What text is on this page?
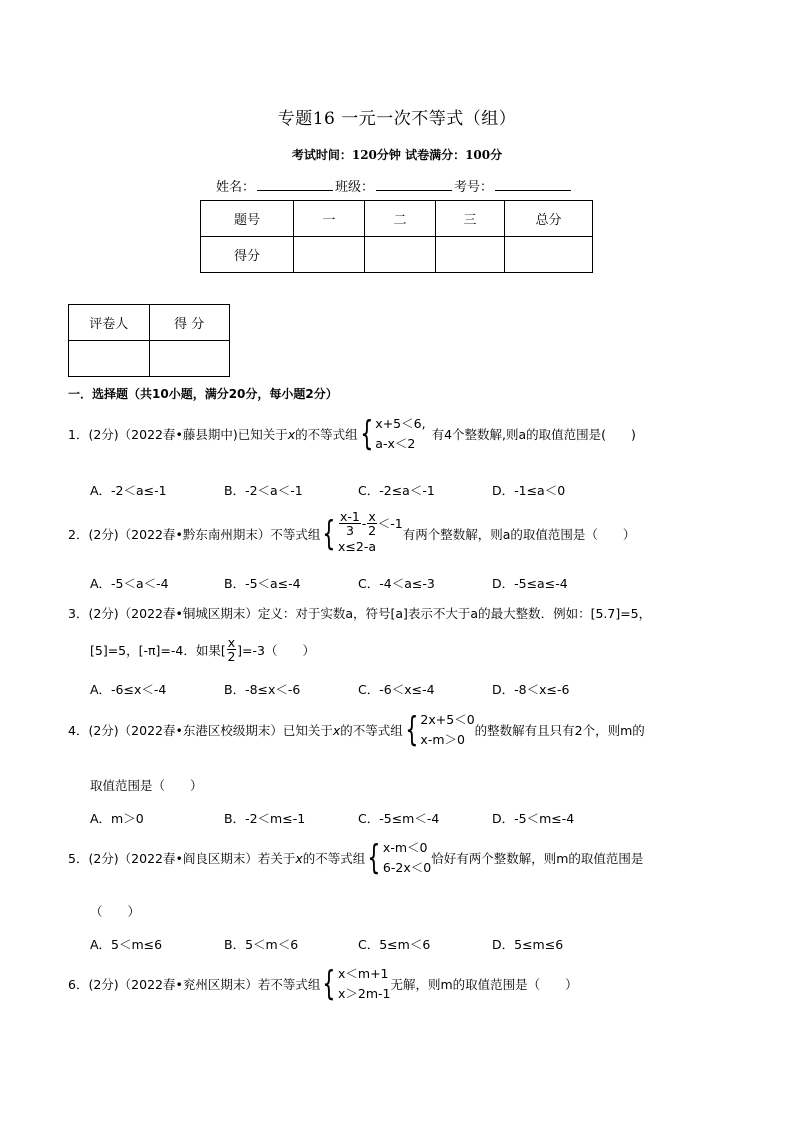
专题16 一元一次不等式（组）
考试时间：120分钟 试卷满分：100分
姓名：	班级：	考号：
题号	一	二	三	总分
得分				
评卷人	得 分

一．选择题（共10小题，满分20分，每小题2分）
1．(2分)（2022春•藤县期中)已知关于 x 的不等式组 { x+5＜6,
a-x＜2
有4个整数解,则a的取值范围是(　　)
A．-2＜a≤-1	B．-2＜a＜-1	C．-2≤a＜-1	D．-1≤a＜0
2．(2分)（2022春•黔东南州期末）不等式组 { $\frac{x-1}{3} - \frac{x}{2} <-1$
x≤2-a
有两个整数解，则a的取值范围是（　　）
A．-5＜a＜-4	B．-5＜a≤-4	C．-4＜a≤-3	D．-5≤a≤-4
3．(2分)（2022春•铜城区期末）定义：对于实数a，符号[a]表示不大于a的最大整数．例如：[5.7]=5，
[5]=5，[-π]=-4．如果[ $\frac{x}{2} ]=-3$（　　）
A．-6≤x＜-4	B．-8≤x＜-6	C．-6＜x≤-4	D．-8＜x≤-6
4．(2分)（2022春•东港区校级期末）已知关于 x 的不等式组 { 2x+5＜0
x-m＞0
的整数解有且只有2个，则m的
取值范围是（　　）
A．m＞0	B．-2＜m≤-1	C．-5≤m＜-4	D．-5＜m≤-4
5．(2分)（2022春•阎良区期末）若关于 x 的不等式组 { x-m＜0
6-2x＜0
恰好有两个整数解，则m的取值范围是
（　　）
A．5＜m≤6	B．5＜m＜6	C．5≤m＜6	D．5≤m≤6
6．(2分)（2022春•兖州区期末）若不等式组 { x＜m+1
x＞2m-1
无解，则m的取值范围是（　　）
